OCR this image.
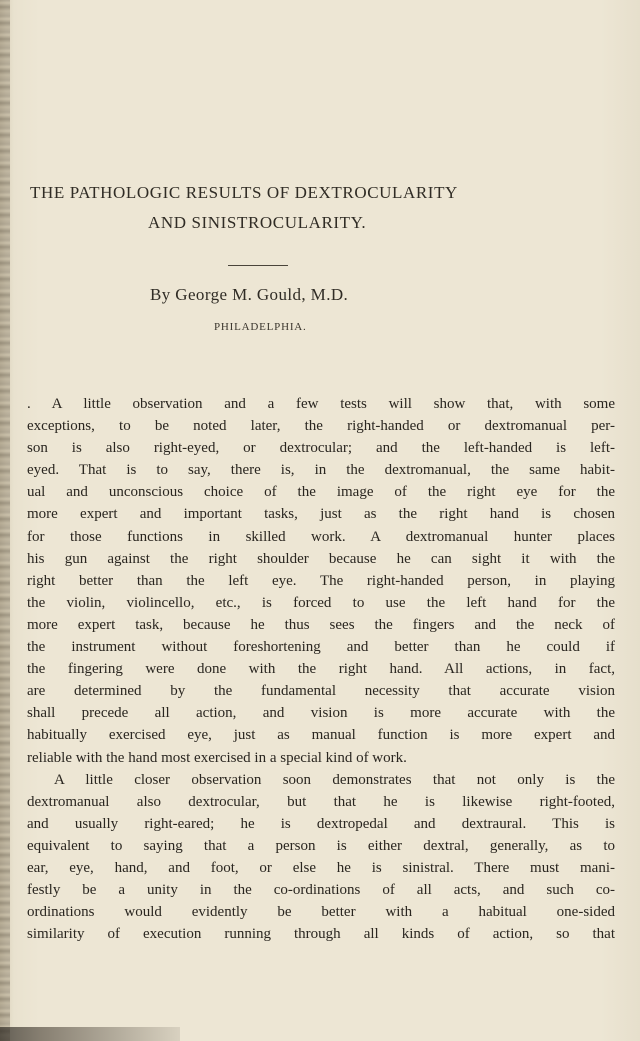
THE PATHOLOGIC RESULTS OF DEXTROCULARITY
AND SINISTROCULARITY.
By George M. Gould, M.D.
PHILADELPHIA.
. A little observation and a few tests will show that, with some
exceptions, to be noted later, the right-handed or dextromanual per-
son is also right-eyed, or dextrocular; and the left-handed is left-
eyed. That is to say, there is, in the dextromanual, the same habit-
ual and unconscious choice of the image of the right eye for the
more expert and important tasks, just as the right hand is chosen
for those functions in skilled work. A dextromanual hunter places
his gun against the right shoulder because he can sight it with the
right better than the left eye. The right-handed person, in playing
the violin, violincello, etc., is forced to use the left hand for the
more expert task, because he thus sees the fingers and the neck of
the instrument without foreshortening and better than he could if
the fingering were done with the right hand. All actions, in fact,
are determined by the fundamental necessity that accurate vision
shall precede all action, and vision is more accurate with the
habitually exercised eye, just as manual function is more expert and
reliable with the hand most exercised in a special kind of work.
A little closer observation soon demonstrates that not only is the
dextromanual also dextrocular, but that he is likewise right-footed,
and usually right-eared; he is dextropedal and dextraural. This is
equivalent to saying that a person is either dextral, generally, as to
ear, eye, hand, and foot, or else he is sinistral. There must mani-
festly be a unity in the co-ordinations of all acts, and such co-
ordinations would evidently be better with a habitual one-sided
similarity of execution running through all kinds of action, so that
